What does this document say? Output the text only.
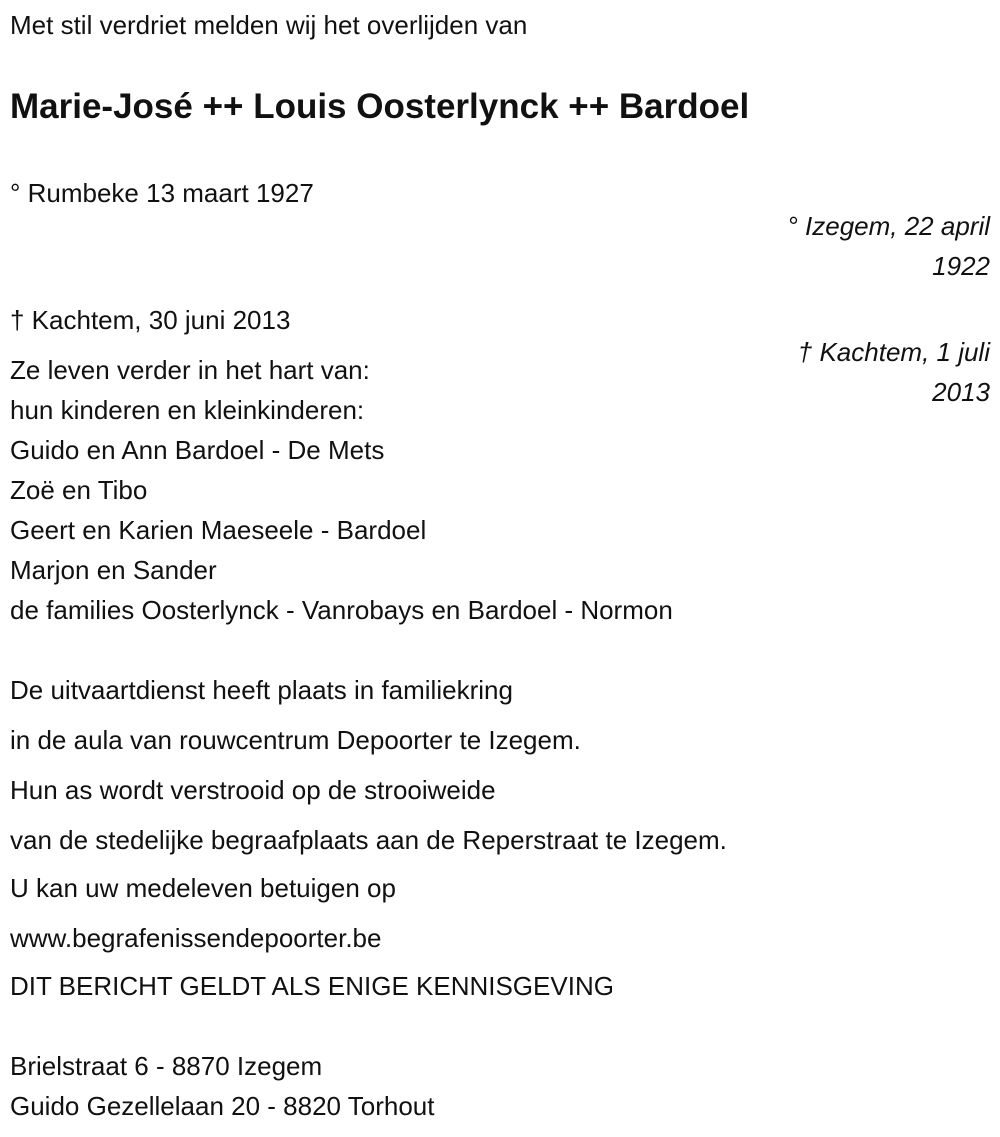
Met stil verdriet melden wij het overlijden van
Marie-José ++ Louis Oosterlynck ++ Bardoel
° Rumbeke 13 maart 1927
° Izegem, 22 april
1922
† Kachtem, 30 juni 2013
† Kachtem, 1 juli
2013
Ze leven verder in het hart van:
hun kinderen en kleinkinderen:
Guido en Ann Bardoel - De Mets
Zoë en Tibo
Geert en Karien Maeseele - Bardoel
Marjon en Sander
de families Oosterlynck - Vanrobays en Bardoel - Normon
De uitvaartdienst heeft plaats in familiekring
in de aula van rouwcentrum Depoorter te Izegem.
Hun as wordt verstrooid op de strooiweide
van de stedelijke begraafplaats aan de Reperstraat te Izegem.
U kan uw medeleven betuigen op
www.begrafenissendepoorter.be
DIT BERICHT GELDT ALS ENIGE KENNISGEVING
Brielstraat 6 - 8870 Izegem
Guido Gezellelaan 20 - 8820 Torhout
